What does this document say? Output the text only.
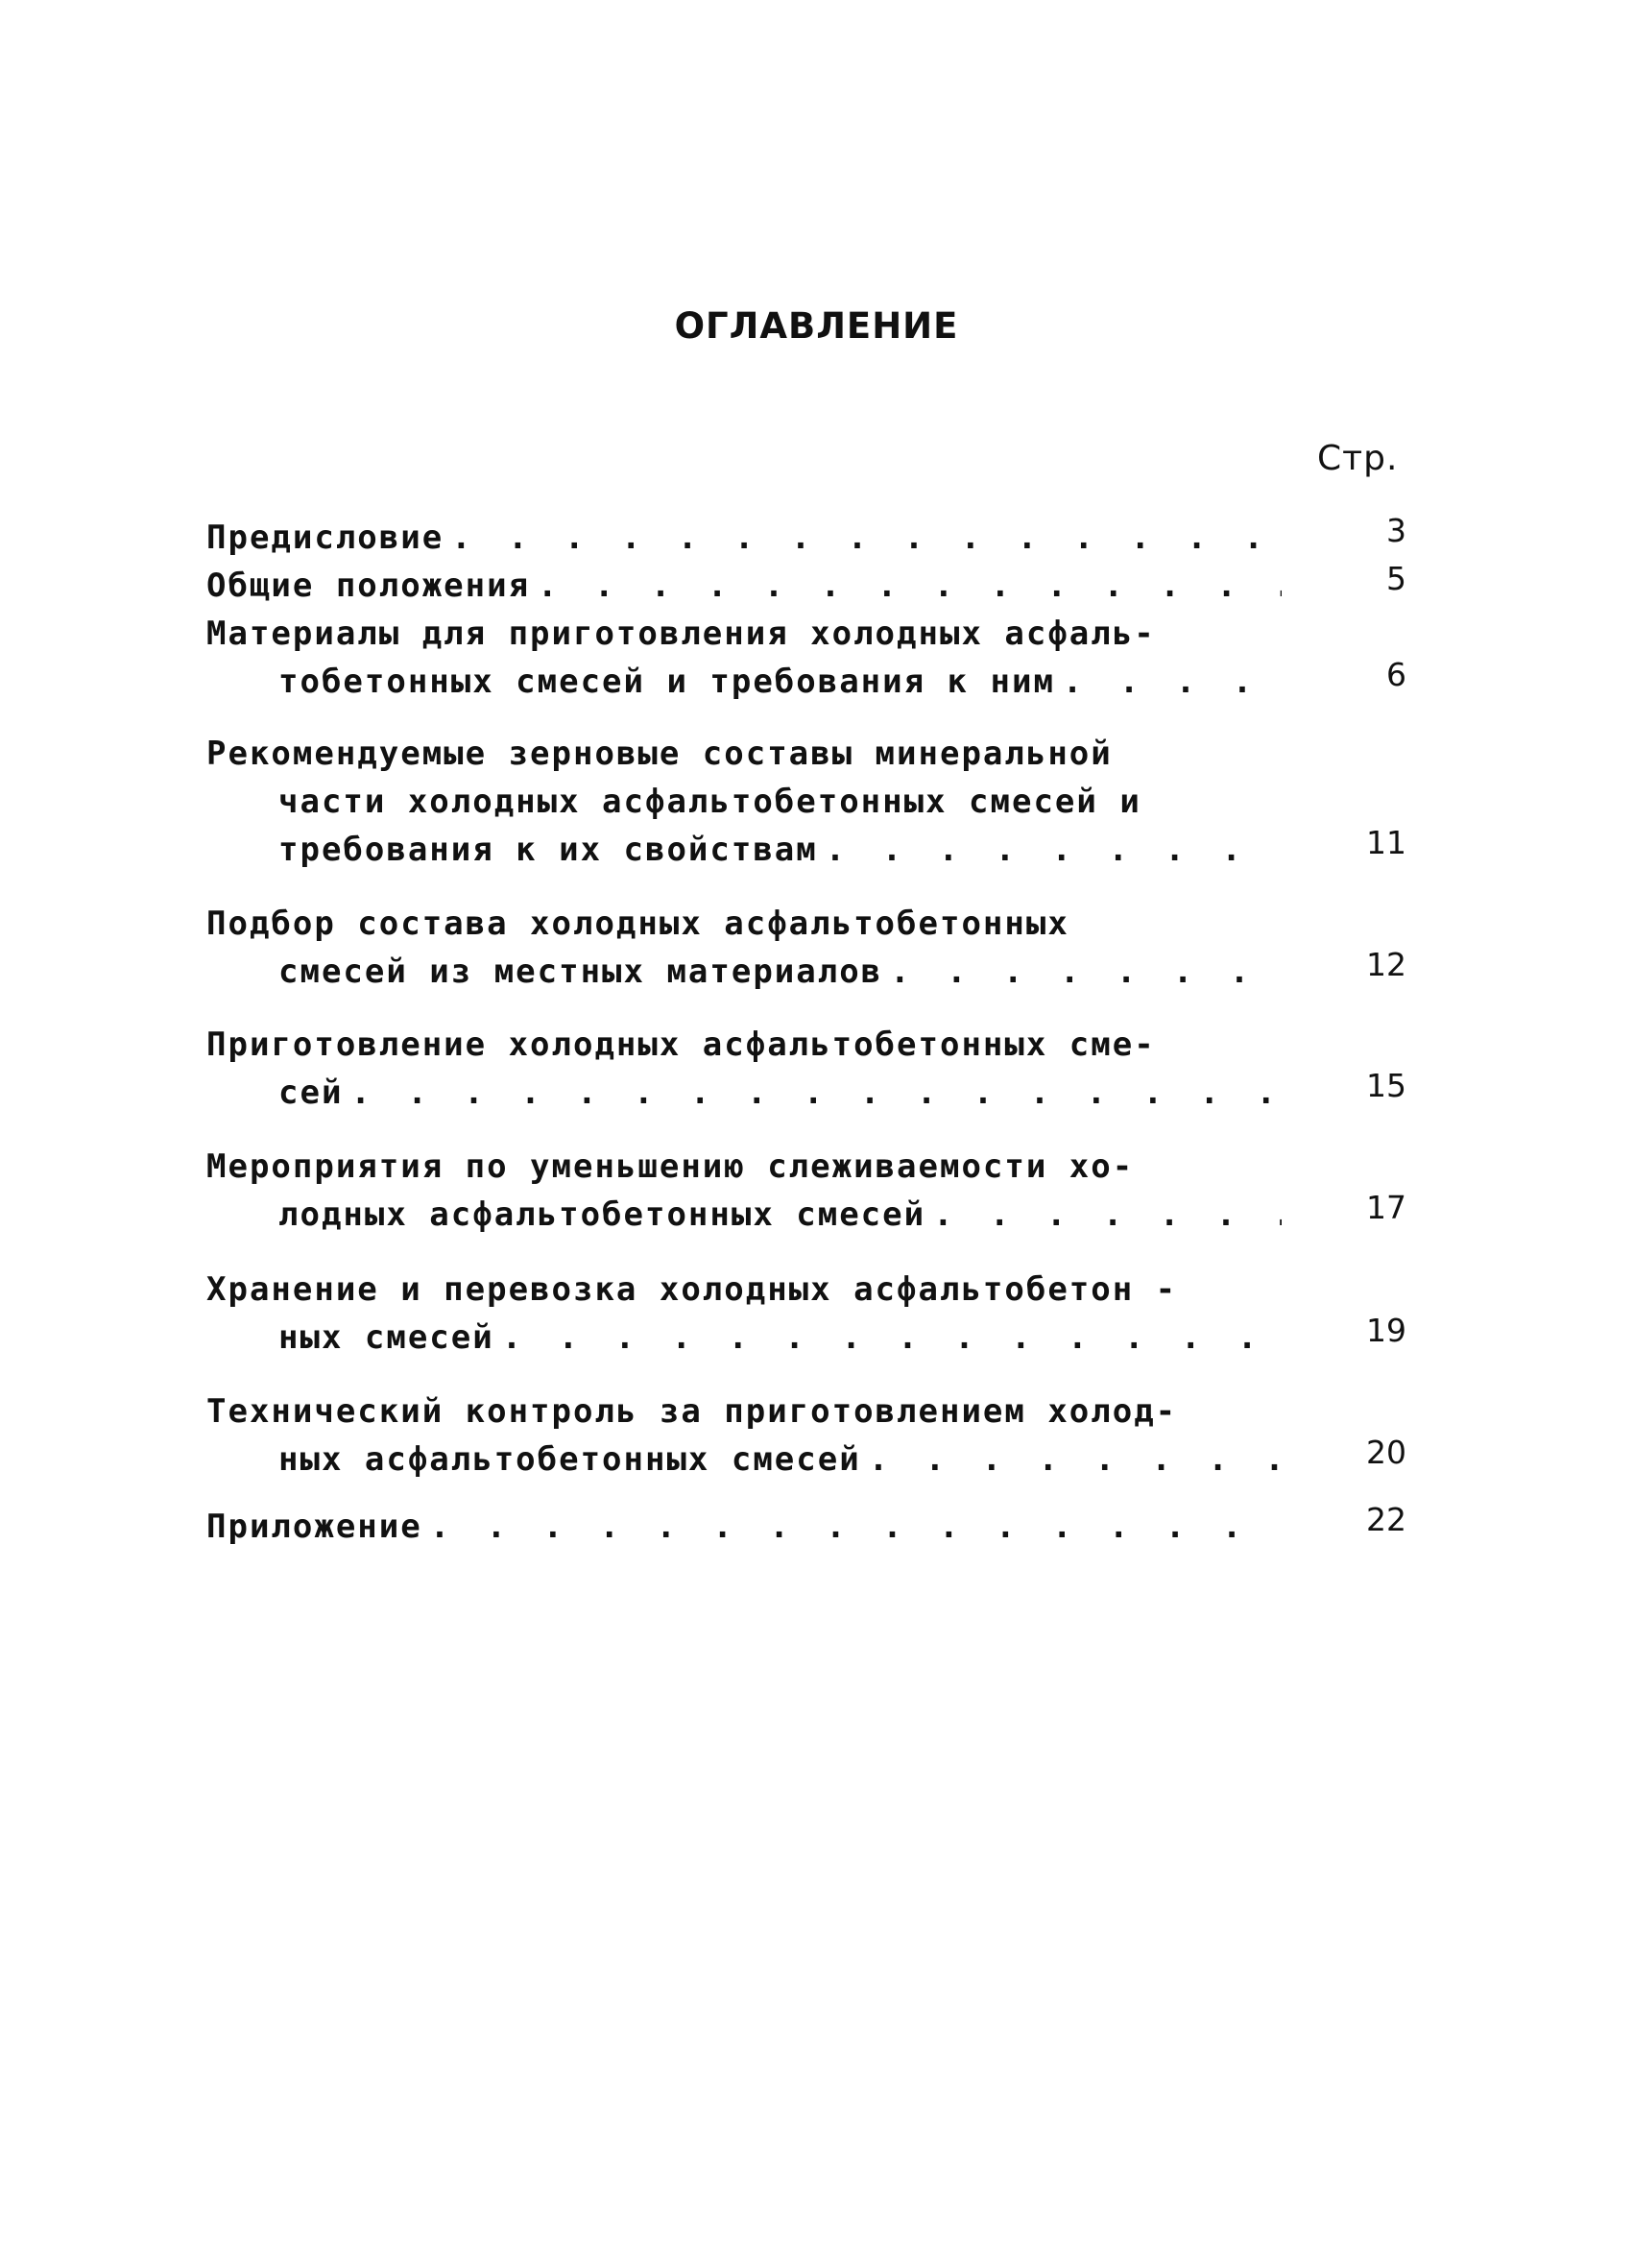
ОГЛАВЛЕНИЕ
Стр.
Предисловие . . .	3
Общие положения . . .	5
Материалы для приготовления холодных асфаль-
тобетонных смесей и требования к ним . . .	6
Рекомендуемые зерновые составы минеральной
части холодных асфальтобетонных смесей и
требования к их свойствам . . .	11
Подбор состава холодных асфальтобетонных
смесей из местных материалов . . .	12
Приготовление холодных асфальтобетонных сме-
сей . . .	15
Мероприятия по уменьшению слеживаемости хо-
лодных асфальтобетонных смесей . . .	17
Хранение и перевозка холодных асфальтобетон -
ных смесей . . .	19
Технический контроль за приготовлением холод-
ных асфальтобетонных смесей . . .	20
Приложение . . .	22
